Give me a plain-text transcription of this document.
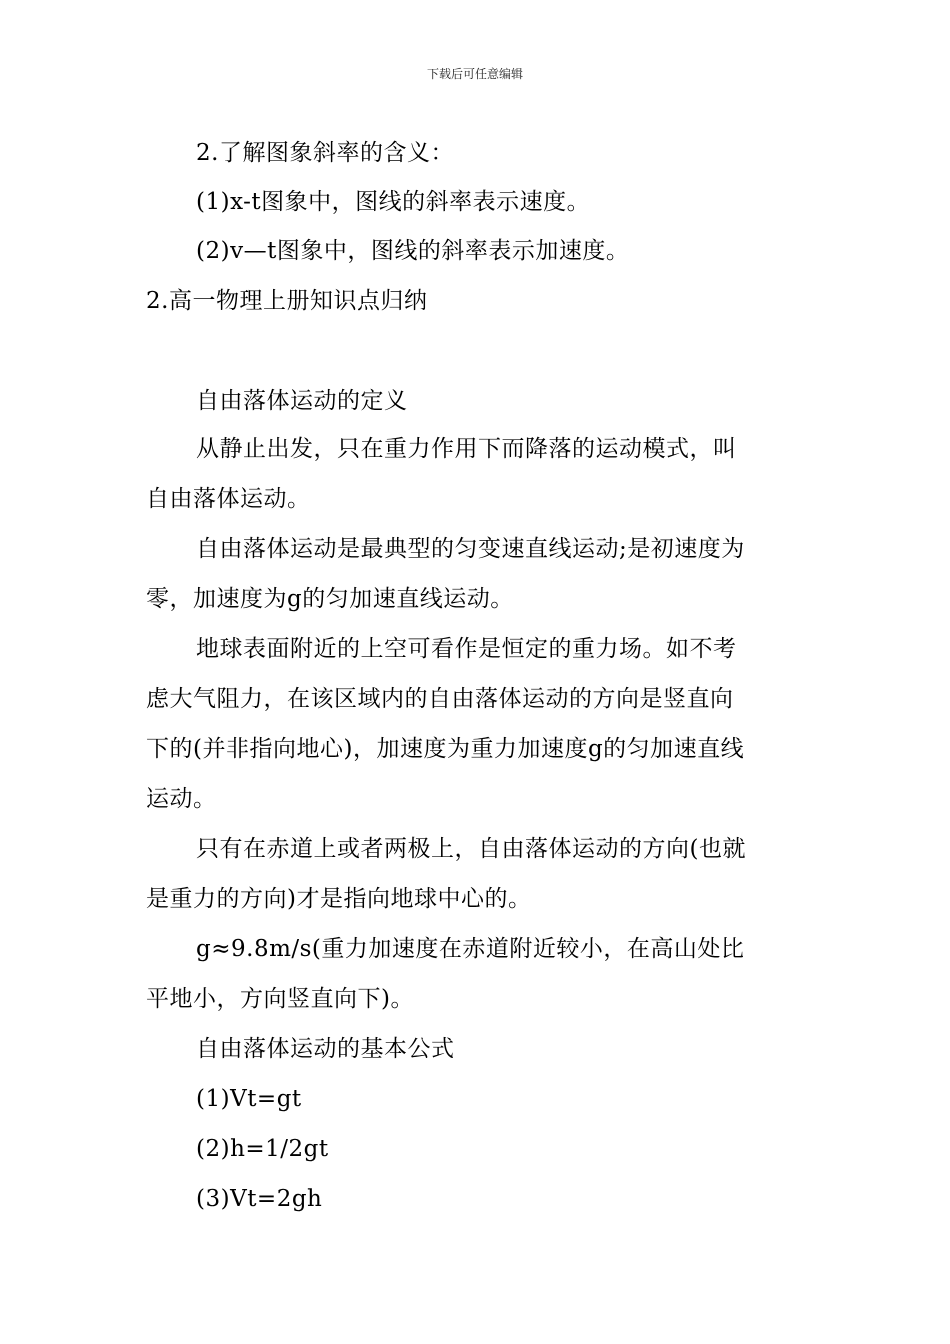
下载后可任意编辑
2.了解图象斜率的含义：
(1)x-t图象中，图线的斜率表示速度。
(2)v—t图象中，图线的斜率表示加速度。
2.高一物理上册知识点归纳
自由落体运动的定义
从静止出发，只在重力作用下而降落的运动模式，叫
自由落体运动。
自由落体运动是最典型的匀变速直线运动;是初速度为
零，加速度为g的匀加速直线运动。
地球表面附近的上空可看作是恒定的重力场。如不考
虑大气阻力，在该区域内的自由落体运动的方向是竖直向
下的(并非指向地心)，加速度为重力加速度g的匀加速直线
运动。
只有在赤道上或者两极上，自由落体运动的方向(也就
是重力的方向)才是指向地球中心的。
g≈9.8m/s(重力加速度在赤道附近较小，在高山处比
平地小，方向竖直向下)。
自由落体运动的基本公式
(1)Vt=gt
(2)h=1/2gt
(3)Vt=2gh
